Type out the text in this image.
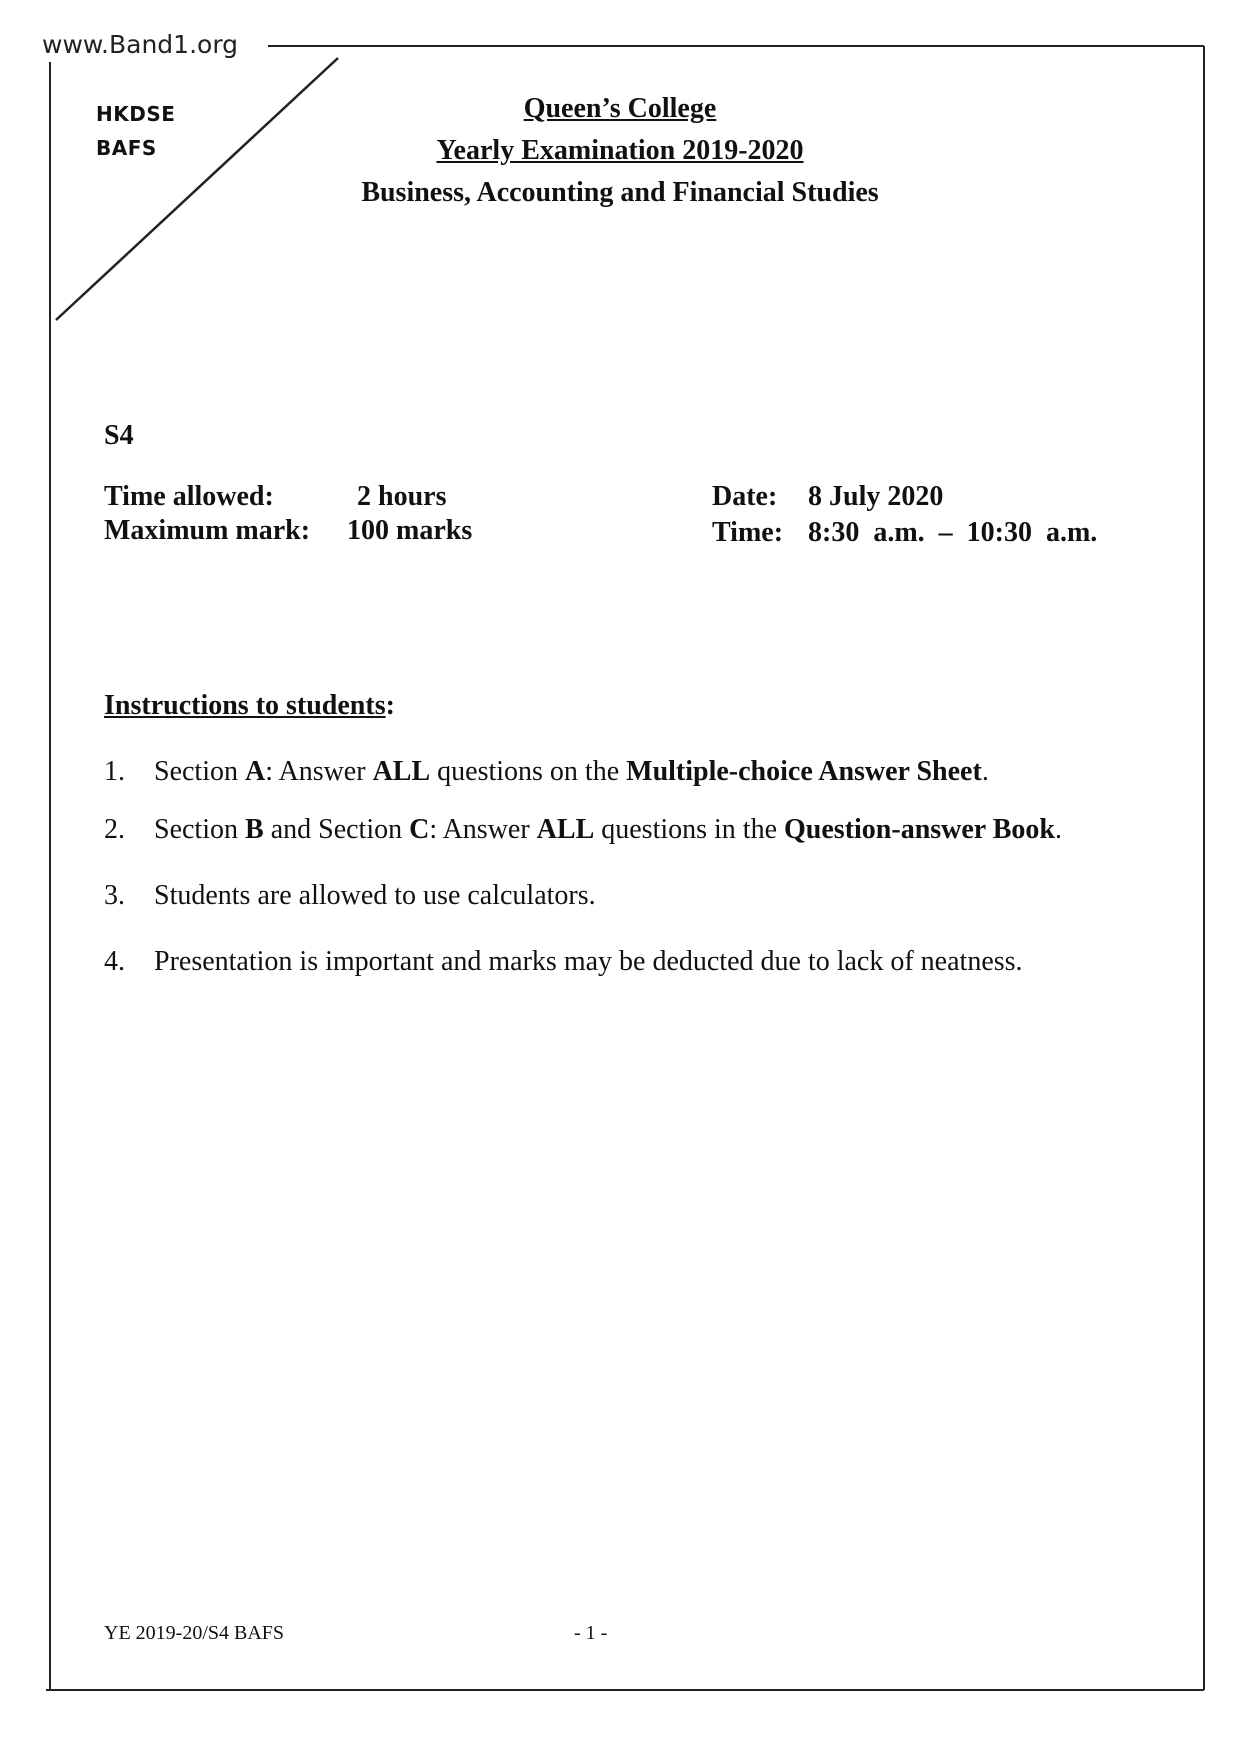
www.Band1.org
HKDSE
BAFS
Queen’s College
Yearly Examination 2019-2020
Business, Accounting and Financial Studies
S4
Time allowed:	2 hours
Maximum mark:	100 marks
Date:	8 July 2020
Time: 8:30  a.m.  –  10:30  a.m.
Instructions to students:
1.	Section A: Answer ALL questions on the Multiple-choice Answer Sheet.
2.	Section B and Section C: Answer ALL questions in the Question-answer Book.
3.	Students are allowed to use calculators.
4.	Presentation is important and marks may be deducted due to lack of neatness.
YE 2019-20/S4 BAFS	- 1 -
